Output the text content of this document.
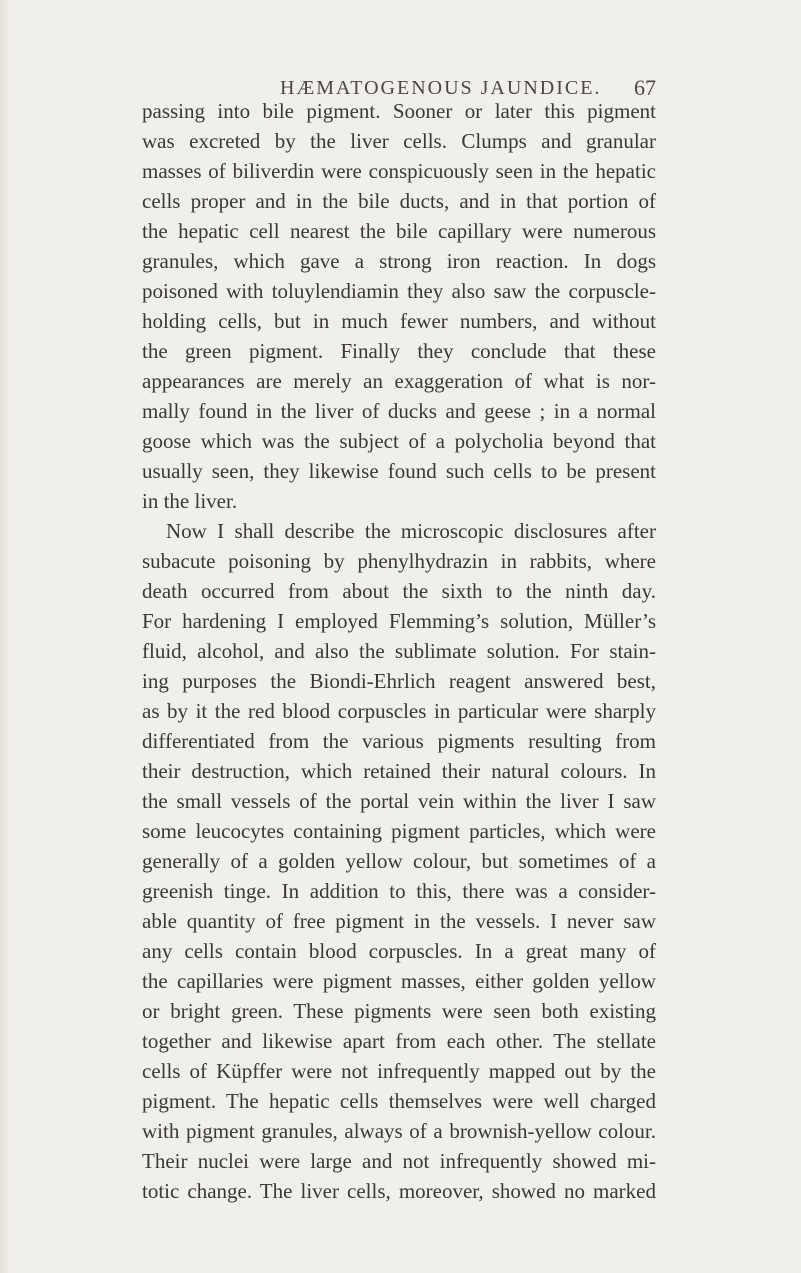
HÆMATOGENOUS JAUNDICE.	67
passing into bile pigment. Sooner or later this pigment
was excreted by the liver cells. Clumps and granular
masses of biliverdin were conspicuously seen in the hepatic
cells proper and in the bile ducts, and in that portion of
the hepatic cell nearest the bile capillary were numerous
granules, which gave a strong iron reaction. In dogs
poisoned with toluylendiamin they also saw the corpuscle-
holding cells, but in much fewer numbers, and without
the green pigment. Finally they conclude that these
appearances are merely an exaggeration of what is nor-
mally found in the liver of ducks and geese ; in a normal
goose which was the subject of a polycholia beyond that
usually seen, they likewise found such cells to be present
in the liver.
Now I shall describe the microscopic disclosures after
subacute poisoning by phenylhydrazin in rabbits, where
death occurred from about the sixth to the ninth day.
For hardening I employed Flemming’s solution, Müller’s
fluid, alcohol, and also the sublimate solution. For stain-
ing purposes the Biondi-Ehrlich reagent answered best,
as by it the red blood corpuscles in particular were sharply
differentiated from the various pigments resulting from
their destruction, which retained their natural colours. In
the small vessels of the portal vein within the liver I saw
some leucocytes containing pigment particles, which were
generally of a golden yellow colour, but sometimes of a
greenish tinge. In addition to this, there was a consider-
able quantity of free pigment in the vessels. I never saw
any cells contain blood corpuscles. In a great many of
the capillaries were pigment masses, either golden yellow
or bright green. These pigments were seen both existing
together and likewise apart from each other. The stellate
cells of Küpffer were not infrequently mapped out by the
pigment. The hepatic cells themselves were well charged
with pigment granules, always of a brownish-yellow colour.
Their nuclei were large and not infrequently showed mi-
totic change. The liver cells, moreover, showed no marked
